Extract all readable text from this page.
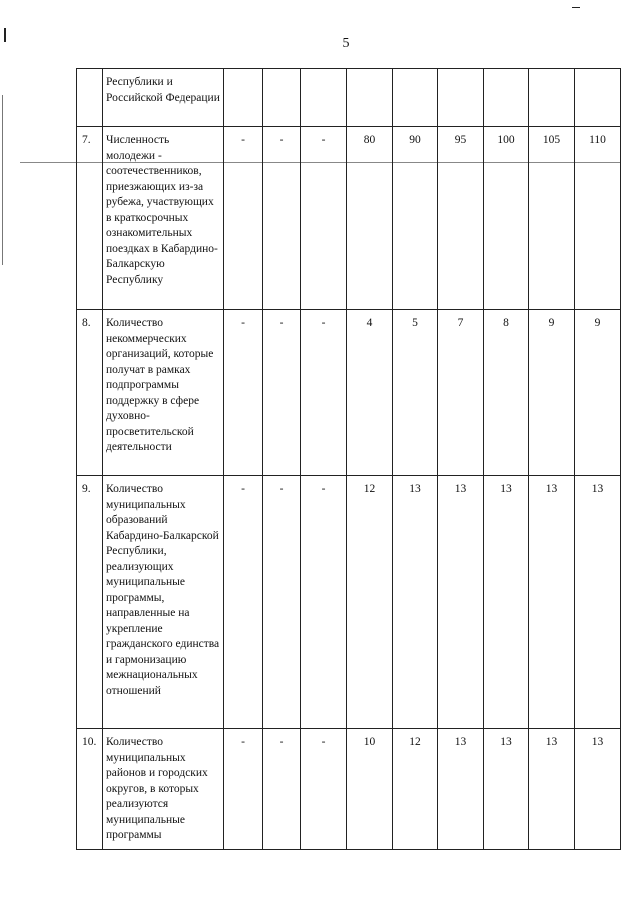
5
	Республики и Российской Федерации									
7.	Численность молодежи - соотечественников, приезжающих из-за рубежа, участвующих в краткосрочных ознакомительных поездках в Кабардино-Балкарскую Республику	-	-	-	80	90	95	100	105	110
8.	Количество некоммерческих организаций, которые получат в рамках подпрограммы поддержку в сфере духовно-просветительской деятельности	-	-	-	4	5	7	8	9	9
9.	Количество муниципальных образований Кабардино-Балкарской Республики, реализующих муниципальные программы, направленные на укрепление гражданского единства и гармонизацию межнациональных отношений	-	-	-	12	13	13	13	13	13
10.	Количество муниципальных районов и городских округов, в которых реализуются муниципальные программы	-	-	-	10	12	13	13	13	13
